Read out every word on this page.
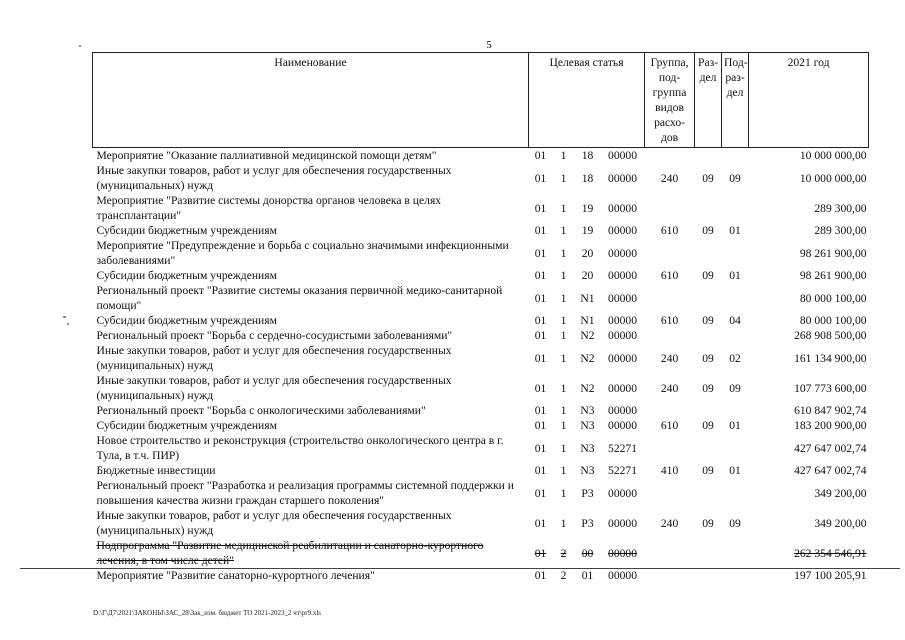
5
Наименование	Целевая статья				Группа, под- группа видов расхо- дов	Раз- дел	Под- раз- дел	2021 год
Мероприятие "Оказание паллиативной медицинской помощи детям"	01	1	18	00000				10 000 000,00
Иные закупки товаров, работ и услуг для обеспечения государственных (муниципальных) нужд	01	1	18	00000	240	09	09	10 000 000,00
Мероприятие "Развитие системы донорства органов человека в целях трансплантации"	01	1	19	00000				289 300,00
Субсидии бюджетным учреждениям	01	1	19	00000	610	09	01	289 300,00
Мероприятие "Предупреждение и борьба с социально значимыми инфекционными заболеваниями"	01	1	20	00000				98 261 900,00
Субсидии бюджетным учреждениям	01	1	20	00000	610	09	01	98 261 900,00
Региональный проект "Развитие системы оказания первичной медико-санитарной помощи"	01	1	N1	00000				80 000 100,00
Субсидии бюджетным учреждениям	01	1	N1	00000	610	09	04	80 000 100,00
Региональный проект "Борьба с сердечно-сосудистыми заболеваниями"	01	1	N2	00000				268 908 500,00
Иные закупки товаров, работ и услуг для обеспечения государственных (муниципальных) нужд	01	1	N2	00000	240	09	02	161 134 900,00
Иные закупки товаров, работ и услуг для обеспечения государственных (муниципальных) нужд	01	1	N2	00000	240	09	09	107 773 600,00
Региональный проект "Борьба с онкологическими заболеваниями"	01	1	N3	00000				610 847 902,74
Субсидии бюджетным учреждениям	01	1	N3	00000	610	09	01	183 200 900,00
Новое строительство и реконструкция (строительство онкологического центра в г. Тула, в т.ч. ПИР)	01	1	N3	52271				427 647 002,74
Бюджетные инвестиции	01	1	N3	52271	410	09	01	427 647 002,74
Региональный проект "Разработка и реализация программы системной поддержки и повышения качества жизни граждан старшего поколения"	01	1	P3	00000				349 200,00
Иные закупки товаров, работ и услуг для обеспечения государственных (муниципальных) нужд	01	1	P3	00000	240	09	09	349 200,00
Подпрограмма "Развитие медицинской реабилитации и санаторно-курортного лечения, в том числе детей"	01	2	00	00000				262 354 546,91
Мероприятие "Развитие санаторно-курортного лечения"	01	2	01	00000				197 100 205,91
D:\Г\Д7\2021\ЗАКОНЫ\ЗАС_28\Зак_изм. бюджет ТО 2021-2023_2 чт\pr9.xls
